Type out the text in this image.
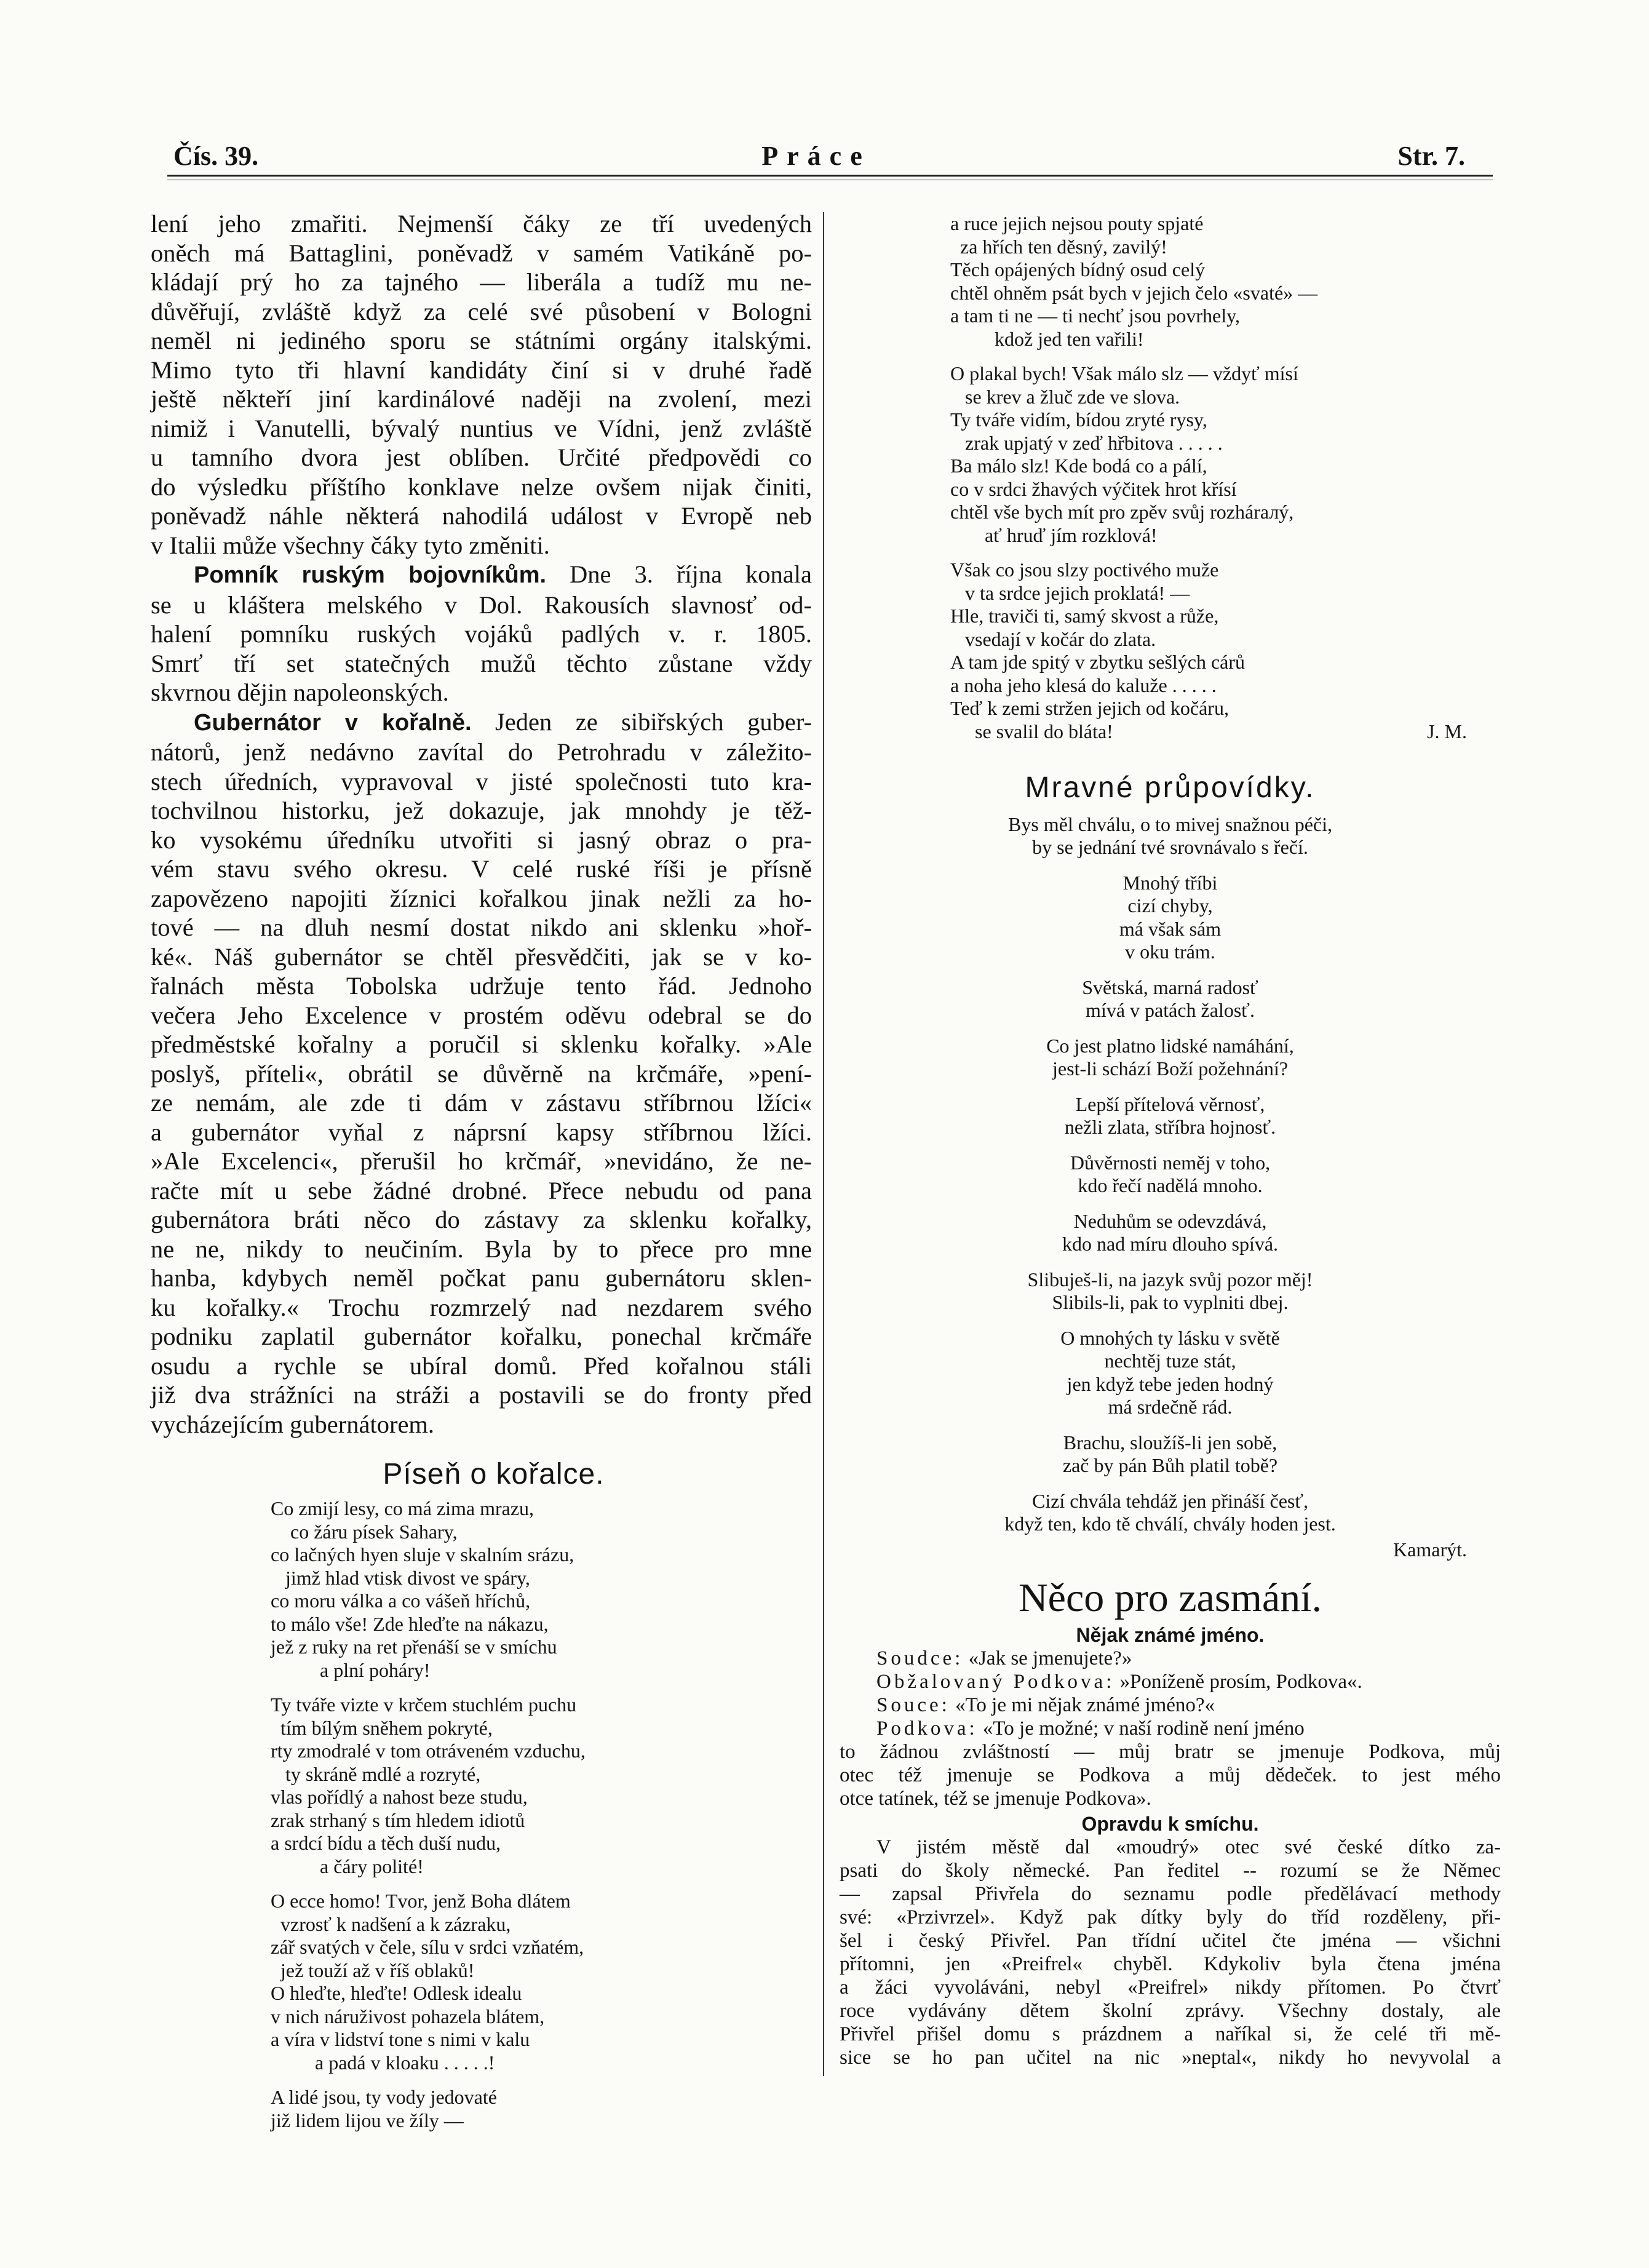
Čís. 39.	Práce	Str. 7.
lení jeho zmařiti. Nejmenší čáky ze tří uvedených
oněch má Battaglini, poněvadž v samém Vatikáně po-
kládají prý ho za tajného — liberála a tudíž mu ne-
důvěřují, zvláště když za celé své působení v Bologni
neměl ni jediného sporu se státními orgány italskými.
Mimo tyto tři hlavní kandidáty činí si v druhé řadě
ještě někteří jiní kardinálové naději na zvolení, mezi
nimiž i Vanutelli, bývalý nuntius ve Vídni, jenž zvláště
u tamního dvora jest oblíben. Určité předpovědi co
do výsledku příštího konklave nelze ovšem nijak činiti,
poněvadž náhle některá nahodilá událost v Evropě neb
v Italii může všechny čáky tyto změniti.
Pomník ruským bojovníkům. Dne 3. října konala
se u kláštera melského v Dol. Rakousích slavnosť od-
halení pomníku ruských vojáků padlých v. r. 1805.
Smrť tří set statečných mužů těchto zůstane vždy
skvrnou dějin napoleonských.
Gubernátor v kořalně. Jeden ze sibiřských guber-
nátorů, jenž nedávno zavítal do Petrohradu v záležito-
stech úředních, vypravoval v jisté společnosti tuto kra-
tochvilnou historku, jež dokazuje, jak mnohdy je těž-
ko vysokému úředníku utvořiti si jasný obraz o pra-
vém stavu svého okresu. V celé ruské říši je přísně
zapovězeno napojiti žíznici kořalkou jinak nežli za ho-
tové — na dluh nesmí dostat nikdo ani sklenku »hoř-
ké«. Náš gubernátor se chtěl přesvědčiti, jak se v ko-
řalnách města Tobolska udržuje tento řád. Jednoho
večera Jeho Excelence v prostém oděvu odebral se do
předměstské kořalny a poručil si sklenku kořalky. »Ale
poslyš, příteli«, obrátil se důvěrně na krčmáře, »pení-
ze nemám, ale zde ti dám v zástavu stříbrnou lžíci«
a gubernátor vyňal z náprsní kapsy stříbrnou lžíci.
»Ale Excelenci«, přerušil ho krčmář, »nevidáno, že ne-
račte mít u sebe žádné drobné. Přece nebudu od pana
gubernátora bráti něco do zástavy za sklenku kořalky,
ne ne, nikdy to neučiním. Byla by to přece pro mne
hanba, kdybych neměl počkat panu gubernátoru sklen-
ku kořalky.« Trochu rozmrzelý nad nezdarem svého
podniku zaplatil gubernátor kořalku, ponechal krčmáře
osudu a rychle se ubíral domů. Před kořalnou stáli
již dva strážníci na stráži a postavili se do fronty před
vycházejícím gubernátorem.

Píseň o kořalce.

Co zmijí lesy, co má zima mrazu,
co žáru písek Sahary,
co lačných hyen sluje v skalním srázu,
jimž hlad vtisk divost ve spáry,
co moru válka a co vášeň hříchů,
to málo vše! Zde hleďte na nákazu,
jež z ruky na ret přenáší se v smíchu
a plní poháry!
Ty tváře vizte v krčem stuchlém puchu
tím bílým sněhem pokryté,
rty zmodralé v tom otráveném vzduchu,
ty skráně mdlé a rozryté,
vlas pořídlý a nahost beze studu,
zrak strhaný s tím hledem idiotů
a srdcí bídu a těch duší nudu,
a čáry polité!
O ecce homo! Tvor, jenž Boha dlátem
vzrosť k nadšení a k zázraku,
zář svatých v čele, sílu v srdci vzňatém,
jež touží až v říš oblaků!
O hleďte, hleďte! Odlesk idealu
v nich náruživost pohazela blátem,
a víra v lidství tone s nimi v kalu
a padá v kloaku . . . . .!
A lidé jsou, ty vody jedovaté
již lidem lijou ve žíly —
a ruce jejich nejsou pouty spjaté
za hřích ten děsný, zavilý!
Těch opájených bídný osud celý
chtěl ohněm psát bych v jejich čelo «svaté» —
a tam ti ne — ti nechť jsou povrhely,
kdož jed ten vařili!
O plakal bych! Však málo slz — vždyť mísí
se krev a žluč zde ve slova.
Ty tváře vidím, bídou zryté rysy,
zrak upjatý v zeď hřbitova . . . . .
Ba málo slz! Kde bodá co a pálí,
co v srdci žhavých výčitek hrot křísí
chtěl vše bych mít pro zpěv svůj rozhárалý,
ať hruď jím rozklová!
Však co jsou slzy poctivého muže
v ta srdce jejich proklatá! —
Hle, traviči ti, samý skvost a růže,
vsedají v kočár do zlata.
A tam jde spitý v zbytku sešlých cárů
a noha jeho klesá do kaluže . . . . .
Teď k zemi stržen jejich od kočáru,
se svalil do bláta!	J. M.

Mravné průpovídky.

Bys měl chválu, o to mivej snažnou péči,
by se jednání tvé srovnávalo s řečí.
Mnohý tříbi
cizí chyby,
má však sám
v oku trám.
Světská, marná radosť
mívá v patách žalosť.
Co jest platno lidské namáhání,
jest-li schází Boží požehnání?
Lepší přítelová věrnosť,
nežli zlata, stříbra hojnosť.
Důvěrnosti neměj v toho,
kdo řečí nadělá mnoho.
Neduhům se odevzdává,
kdo nad míru dlouho spívá.
Slibuješ-li, na jazyk svůj pozor měj!
Slibils-li, pak to vyplniti dbej.
O mnohých ty lásku v světě
nechtěj tuze stát,
jen když tebe jeden hodný
má srdečně rád.
Brachu, sloužíš-li jen sobě,
zač by pán Bůh platil tobě?
Cizí chvála tehdáž jen přináší česť,
když ten, kdo tě chválí, chvály hoden jest.
Kamarýt.

Něco pro zasmání.

Nějak známé jméno.

Soudce: «Jak se jmenujete?»
Obžalovaný Podkova: »Poníženě prosím, Podkova«.
Souce: «To je mi nějak známé jméno?«
Podkova: «To je možné; v naší rodině není jméno
to žádnou zvláštností — můj bratr se jmenuje Podkova, můj
otec též jmenuje se Podkova a můj dědeček. to jest mého
otce tatínek, též se jmenuje Podkova».

Opravdu k smíchu.

V jistém městě dal «moudrý» otec své české dítko za-
psati do školy německé. Pan ředitel -- rozumí se že Němec
— zapsal Přivřela do seznamu podle předělávací methody
své: «Przivrzel». Když pak dítky byly do tříd rozděleny, při-
šel i český Přivřel. Pan třídní učitel čte jména — všichni
přítomni, jen «Preifrel« chyběl. Kdykoliv byla čtena jména
a žáci vyvoláváni, nebyl «Preifrel» nikdy přítomen. Po čtvrť
roce vydávány dětem školní zprávy. Všechny dostaly, ale
Přivřel přišel domu s prázdnem a naříkal si, že celé tři mě-
sice se ho pan učitel na nic »neptal«, nikdy ho nevyvolal a
